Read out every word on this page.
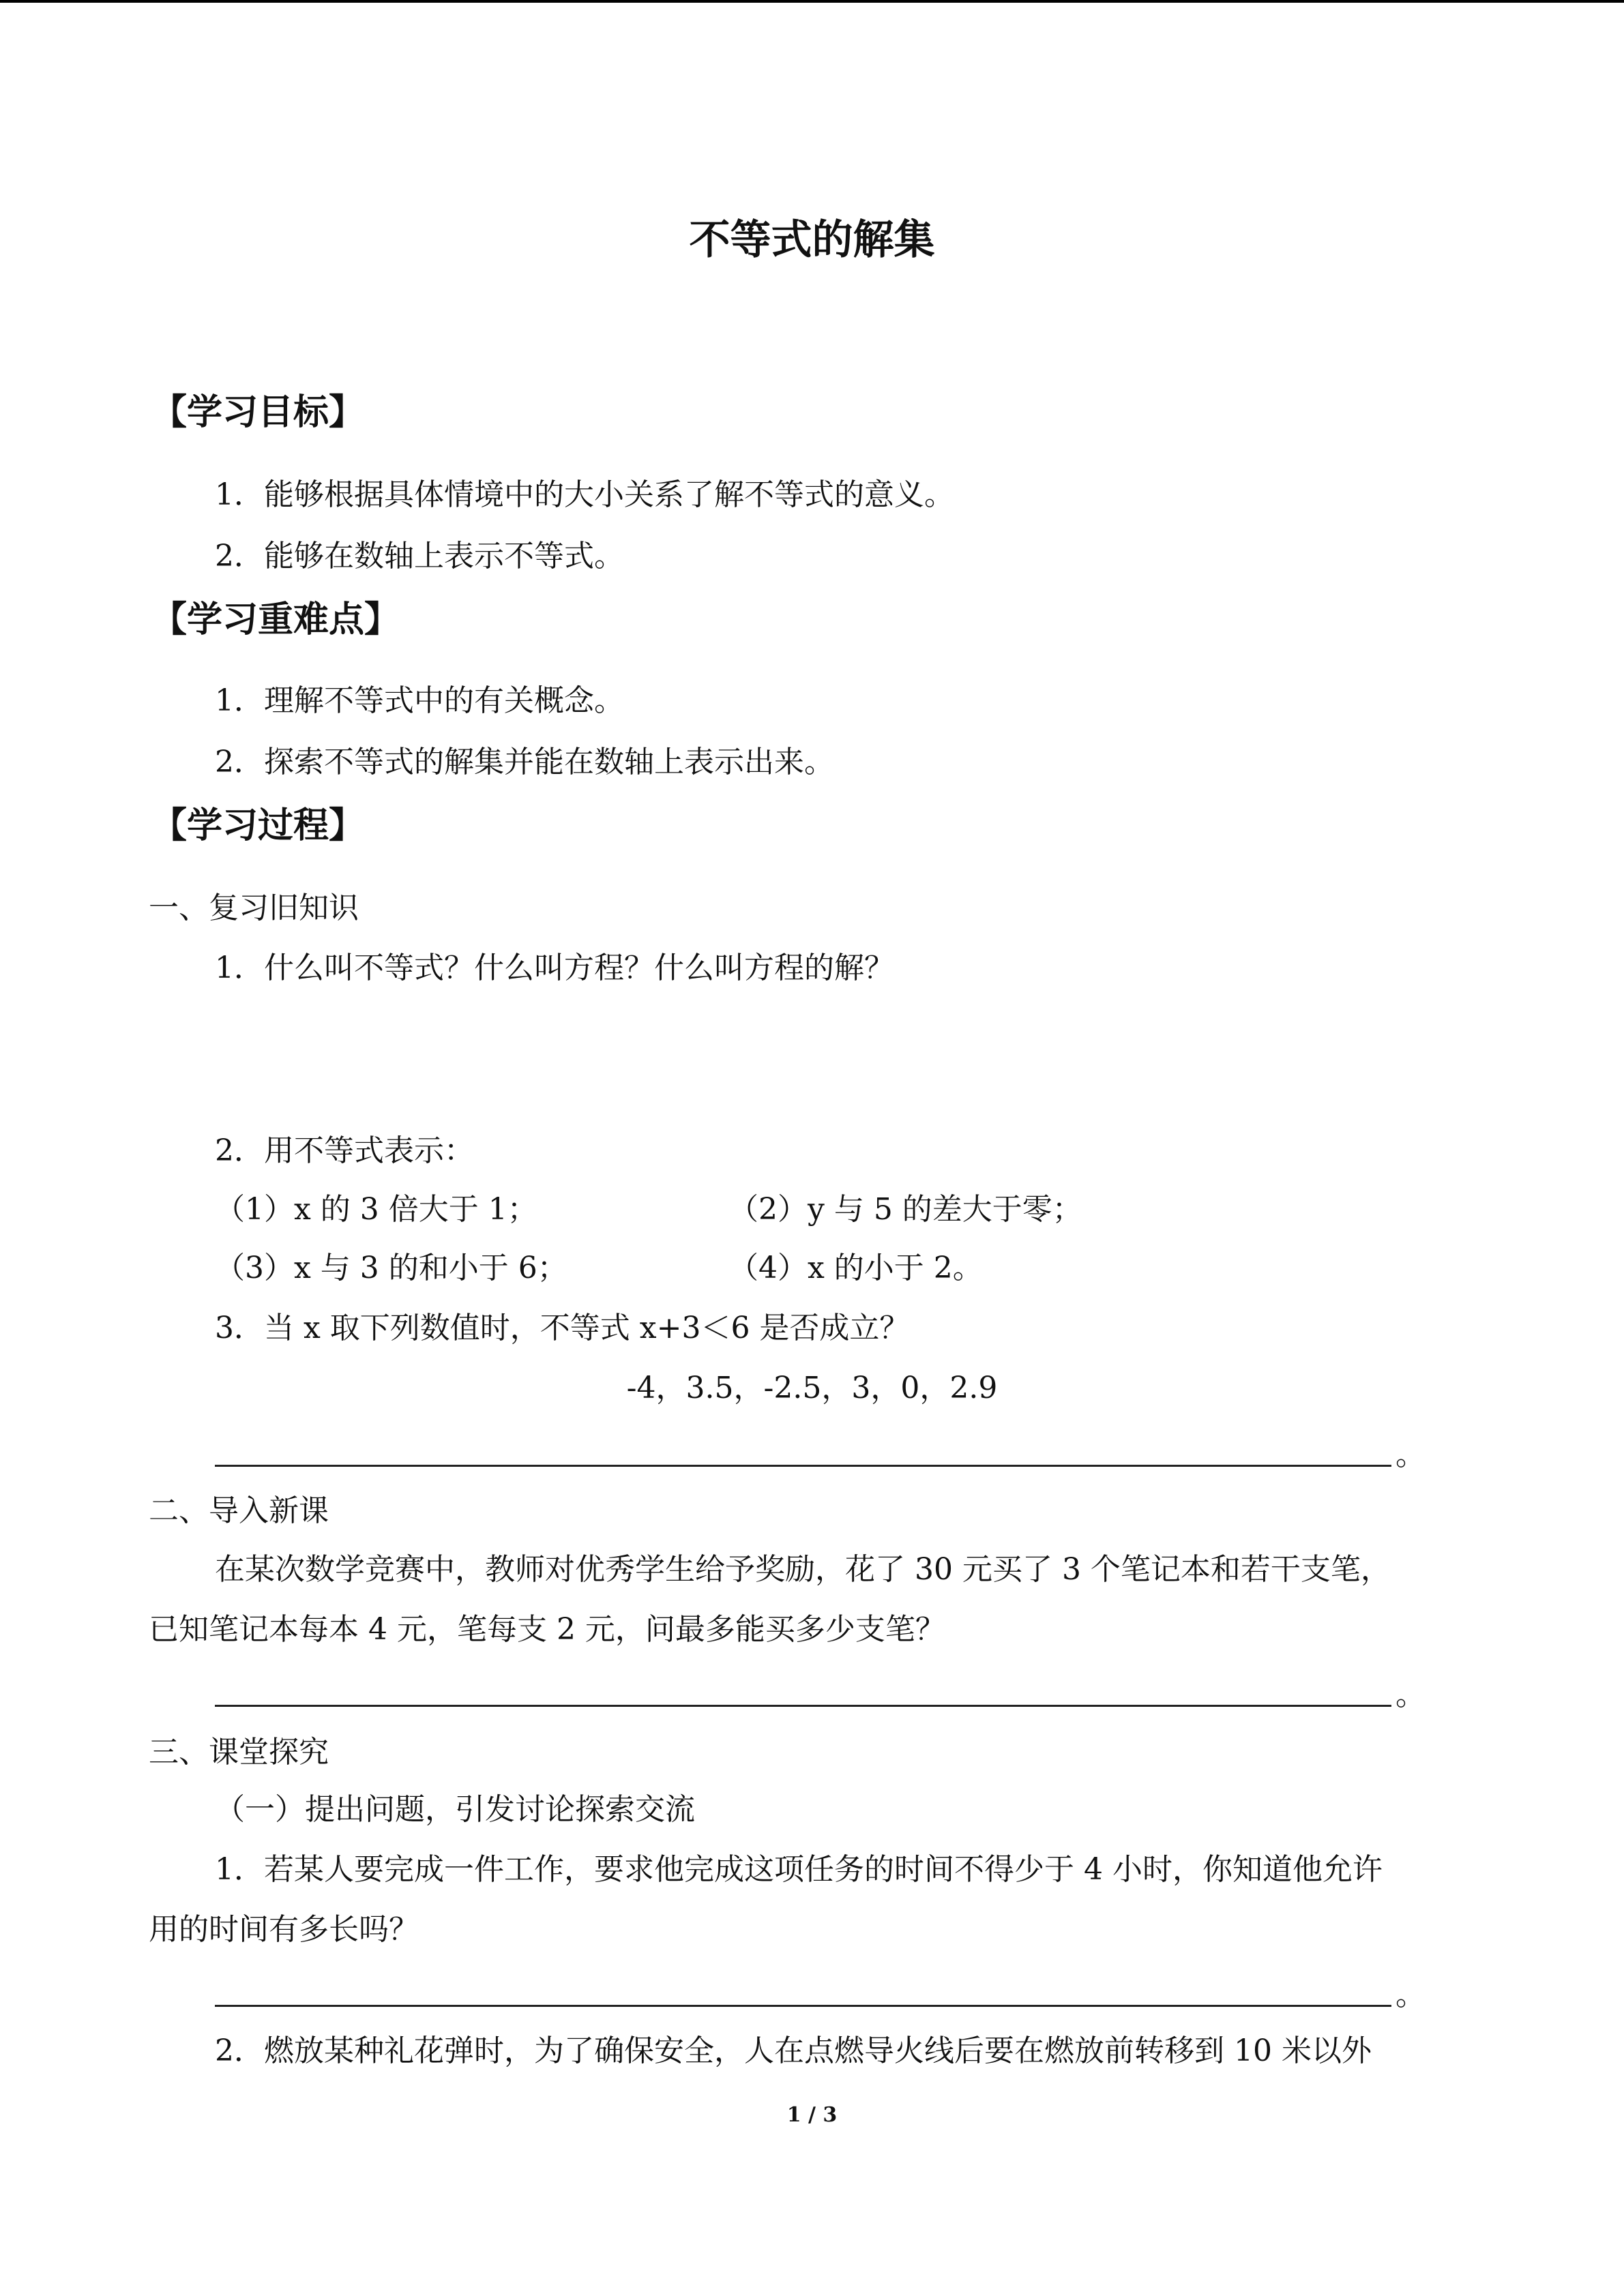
不等式的解集
【学习目标】
1．能够根据具体情境中的大小关系了解不等式的意义。
2．能够在数轴上表示不等式。
【学习重难点】
1．理解不等式中的有关概念。
2．探索不等式的解集并能在数轴上表示出来。
【学习过程】
一、复习旧知识
1．什么叫不等式？什么叫方程？什么叫方程的解？
2．用不等式表示：
（1）x 的 3 倍大于 1；	（2）y 与 5 的差大于零；
（3）x 与 3 的和小于 6；	（4）x 的小于 2。
3．当 x 取下列数值时，不等式 x+3＜6 是否成立？
-4，3.5，-2.5，3，0，2.9
。
二、导入新课
在某次数学竞赛中，教师对优秀学生给予奖励，花了 30 元买了 3 个笔记本和若干支笔，
已知笔记本每本 4 元，笔每支 2 元，问最多能买多少支笔？
。
三、课堂探究
（一）提出问题，引发讨论探索交流
1．若某人要完成一件工作，要求他完成这项任务的时间不得少于 4 小时，你知道他允许
用的时间有多长吗？
。
2．燃放某种礼花弹时，为了确保安全，人在点燃导火线后要在燃放前转移到 10 米以外
1 / 3
